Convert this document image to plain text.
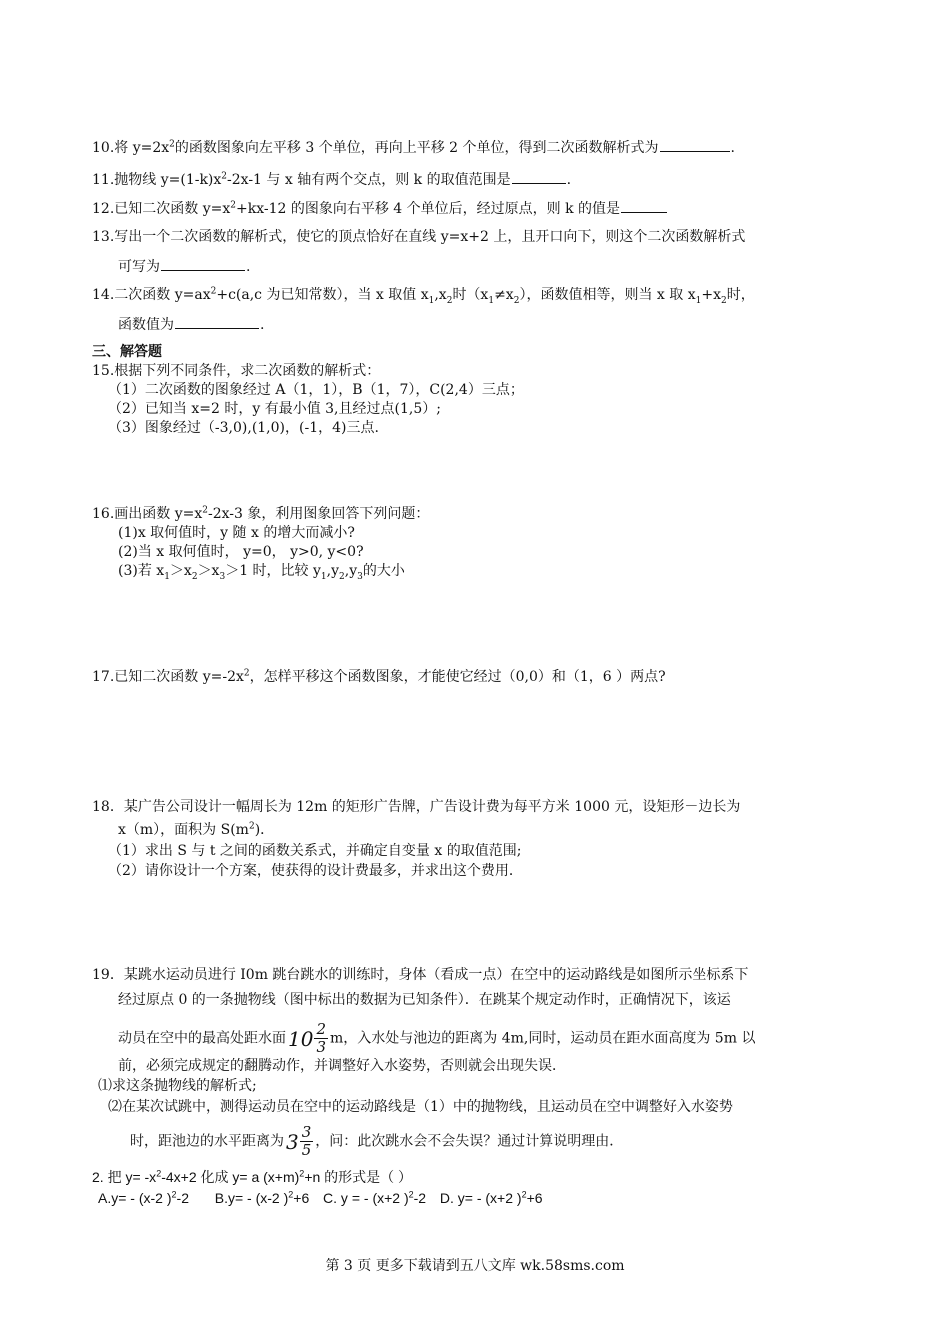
10.将 $y=2x^2$的函数图象向左平移 3 个单位，再向上平移 2 个单位，得到二次函数解析式为	.
11.抛物线 $y=(1-k)x^2-2x-1$ 与 x 轴有两个交点，则 k 的取值范围是	.
12.已知二次函数 $y=x^2+kx-12$ 的图象向右平移 4 个单位后，经过原点，则 k 的值是
13.写出一个二次函数的解析式，使它的顶点恰好在直线 y=x+2 上，且开口向下，则这个二次函数解析式
可写为	.
14.二次函数 $y=ax^2+c(a,c$ 为已知常数），当 x 取值 $x_1,x_2$时$(x_1\ne x_2)$，函数值相等，则当 x 取 $x_1+x_2$时，
函数值为	.
三、解答题
15.根据下列不同条件，求二次函数的解析式：
（1）二次函数的图象经过 A（1，1），B（1，7），C(2,4）三点；
（2）已知当 x=2 时，y 有最小值 3,且经过点(1,5）;
（3）图象经过（-3,0),(1,0)，(-1，4)三点.
16.画出函数 $y=x^2-2x-3$ 象，利用图象回答下列问题：
(1)x 取何值时，y 随 x 的增大而减小?
(2)当 x 取何值时， y=0， y>0, y<0?
(3)若 $x_1>x_2>x_3>1$ 时，比较 $y_1,y_2,y_3$的大小
17.已知二次函数 $y=-2x^2$，怎样平移这个函数图象，才能使它经过（0,0）和（1，6 ）两点?
18．某广告公司设计一幅周长为 12m 的矩形广告牌，广告设计费为每平方米 1000 元，设矩形－边长为
x（m），面积为 $S(m^2)$．
（1）求出 S 与 t 之间的函数关系式，并确定自变量 x 的取值范围;
（2）请你设计一个方案，使获得的设计费最多，并求出这个费用．
19．某跳水运动员进行 I0m 跳台跳水的训练时，身体（看成一点）在空中的运动路线是如图所示坐标系下
经过原点 0 的一条抛物线（图中标出的数据为已知条件）．在跳某个规定动作时，正确情况下，该运
动员在空中的最高处距水面 $10 \frac{2}{3}$ m，入水处与池边的距离为 4m,同时，运动员在距水面高度为 5m 以
前，必须完成规定的翻腾动作，并调整好入水姿势，否则就会出现失误．
⑴求这条抛物线的解析式;
⑵在某次试跳中，测得运动员在空中的运动路线是（1）中的抛物线，且运动员在空中调整好入水姿势
时，距池边的水平距离为 $3 \frac{3}{5}$ ，问：此次跳水会不会失误？通过计算说明理由．
2. 把 $y= -x^2-4x+2$ 化成 y= a $(x+m)^2+n$ 的形式是（ ）
A.y= - (x-2 )$^2$-2 B.y= - (x-2 )$^2$+6 C. y = - (x+2 )$^2$-2 D. y= - (x+2 )$^2$+6
第 3 页 更多下载请到五八文库 wk.58sms.com
